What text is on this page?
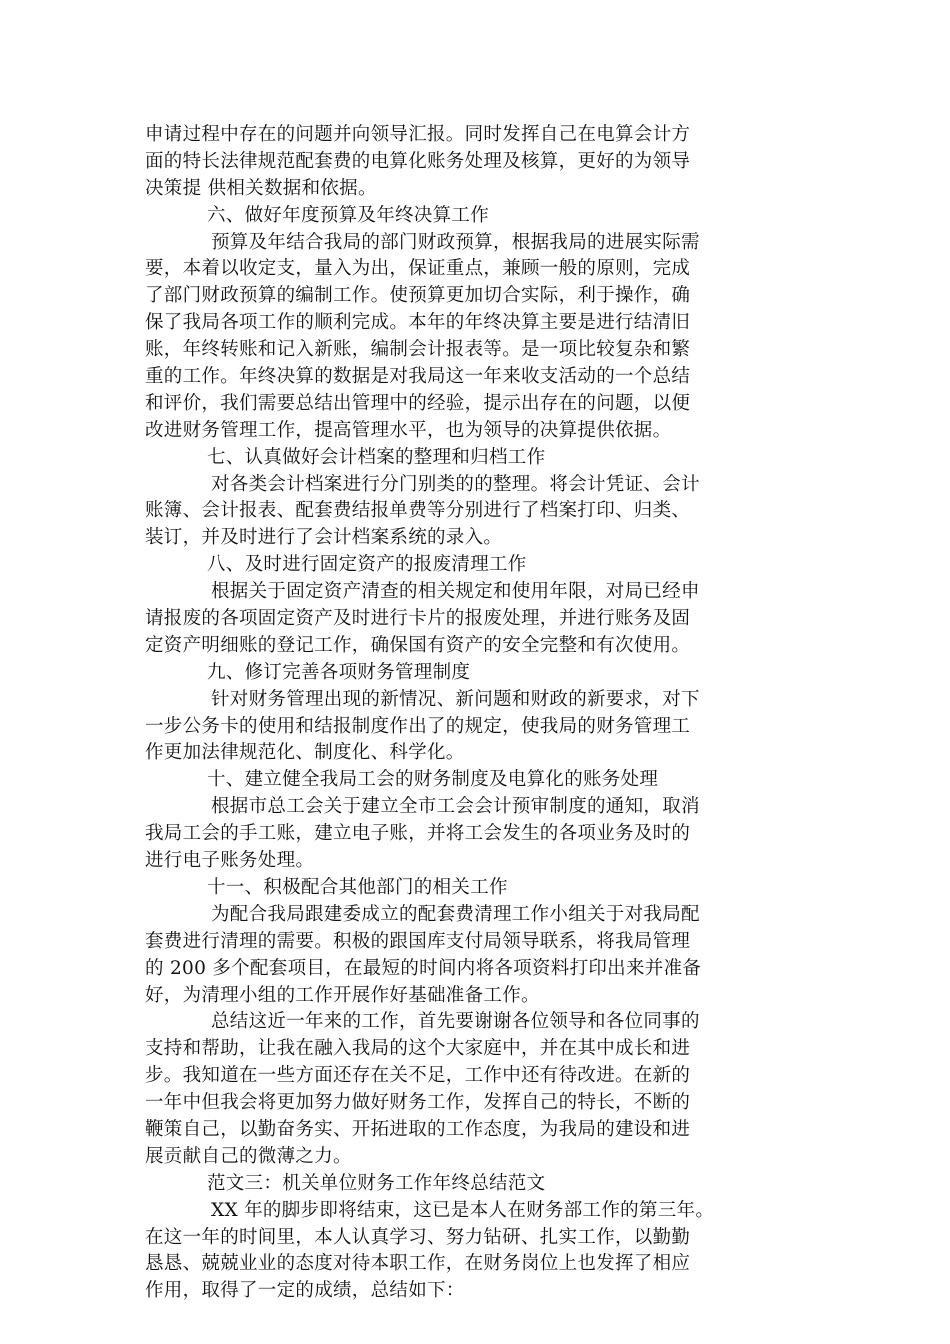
申请过程中存在的问题并向领导汇报。同时发挥自己在电算会计方
面的特长法律规范配套费的电算化账务处理及核算，更好的为领导
决策提 供相关数据和依据。
六、做好年度预算及年终决算工作
预算及年结合我局的部门财政预算，根据我局的进展实际需
要，本着以收定支，量入为出，保证重点，兼顾一般的原则，完成
了部门财政预算的编制工作。使预算更加切合实际，利于操作，确
保了我局各项工作的顺利完成。本年的年终决算主要是进行结清旧
账，年终转账和记入新账，编制会计报表等。是一项比较复杂和繁
重的工作。年终决算的数据是对我局这一年来收支活动的一个总结
和评价，我们需要总结出管理中的经验，提示出存在的问题，以便
改进财务管理工作，提高管理水平，也为领导的决算提供依据。
七、认真做好会计档案的整理和归档工作
对各类会计档案进行分门别类的的整理。将会计凭证、会计
账簿、会计报表、配套费结报单费等分别进行了档案打印、归类、
装订，并及时进行了会计档案系统的录入。
八、及时进行固定资产的报废清理工作
根据关于固定资产清查的相关规定和使用年限，对局已经申
请报废的各项固定资产及时进行卡片的报废处理，并进行账务及固
定资产明细账的登记工作，确保国有资产的安全完整和有次使用。
九、修订完善各项财务管理制度
针对财务管理出现的新情况、新问题和财政的新要求，对下
一步公务卡的使用和结报制度作出了的规定，使我局的财务管理工
作更加法律规范化、制度化、科学化。
十、建立健全我局工会的财务制度及电算化的账务处理
根据市总工会关于建立全市工会会计预审制度的通知，取消
我局工会的手工账，建立电子账，并将工会发生的各项业务及时的
进行电子账务处理。
十一、积极配合其他部门的相关工作
为配合我局跟建委成立的配套费清理工作小组关于对我局配
套费进行清理的需要。积极的跟国库支付局领导联系，将我局管理
的 200 多个配套项目，在最短的时间内将各项资料打印出来并准备
好，为清理小组的工作开展作好基础准备工作。
总结这近一年来的工作，首先要谢谢各位领导和各位同事的
支持和帮助，让我在融入我局的这个大家庭中，并在其中成长和进
步。我知道在一些方面还存在关不足，工作中还有待改进。在新的
一年中但我会将更加努力做好财务工作，发挥自己的特长，不断的
鞭策自己，以勤奋务实、开拓进取的工作态度，为我局的建设和进
展贡献自己的微薄之力。
范文三：机关单位财务工作年终总结范文
XX 年的脚步即将结束，这已是本人在财务部工作的第三年。
在这一年的时间里，本人认真学习、努力钻研、扎实工作，以勤勤
恳恳、兢兢业业的态度对待本职工作，在财务岗位上也发挥了相应
作用，取得了一定的成绩，总结如下：
